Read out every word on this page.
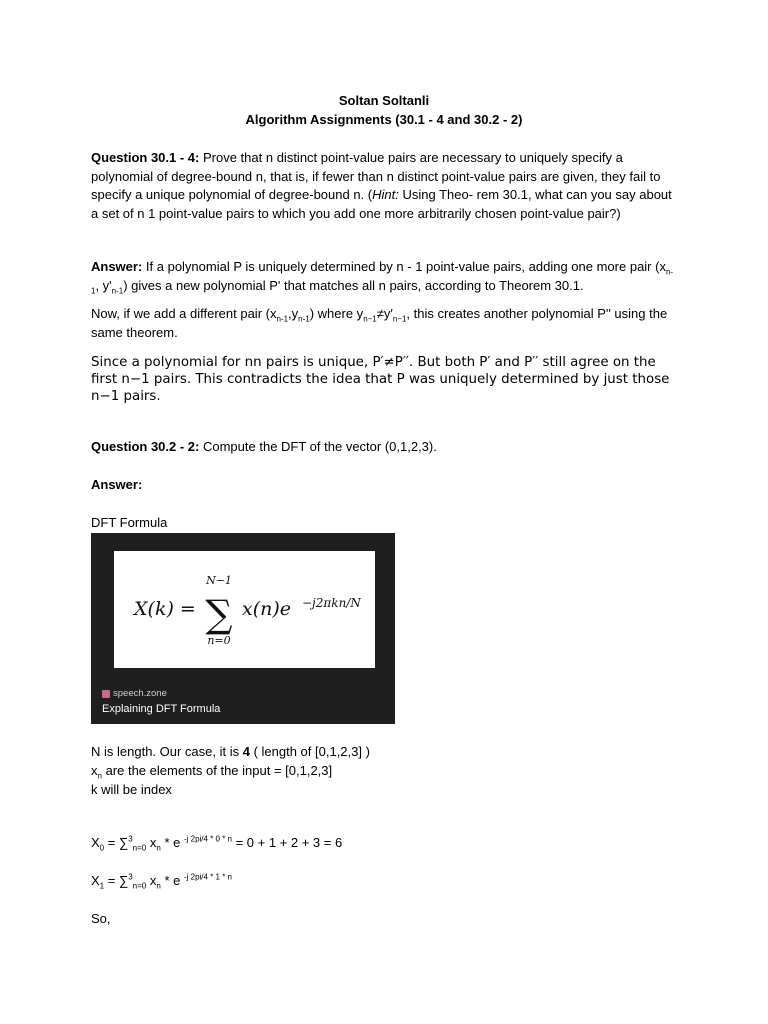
Soltan Soltanli
Algorithm Assignments (30.1 - 4 and 30.2 - 2)
Question 30.1 - 4: Prove that n distinct point-value pairs are necessary to uniquely specify a polynomial of degree-bound n, that is, if fewer than n distinct point-value pairs are given, they fail to specify a unique polynomial of degree-bound n. (Hint: Using Theo- rem 30.1, what can you say about a set of n 1 point-value pairs to which you add one more arbitrarily chosen point-value pair?)
Answer: If a polynomial P is uniquely determined by n - 1 point-value pairs, adding one more pair ($x_{n-1}$, $y'_{n-1}$) gives a new polynomial P' that matches all n pairs, according to Theorem 30.1.
Now, if we add a different pair $(x_{n-1},y_{n-1})$ where $y_{n-1}\ne y'_{n-1}$, this creates another polynomial P'' using the same theorem.
Since a polynomial for nn pairs is unique, P′≠P′′. But both P′ and P′′ still agree on the first n−1 pairs. This contradicts the idea that P was uniquely determined by just those n−1 pairs.
Question 30.2 - 2: Compute the DFT of the vector (0,1,2,3).
Answer:
DFT Formula
X(k) =
N−1
∑
n=0
x(n)e −j2πkn/N
speech.zone
Explaining DFT Formula
N is length. Our case, it is 4 ( length of [0,1,2,3] )
$x_n$ are the elements of the input = [0,1,2,3]
k will be index
$X_0 = \sum^3_{n=0}$ $x_n$ * e $^{-j 2pi/4 * 0 * n}$ = 0 + 1 + 2 + 3 = 6
$X_1 = \sum^3_{n=0}$ $x_n$ * e $^{-j 2pi/4 * 1 * n}$
So,
